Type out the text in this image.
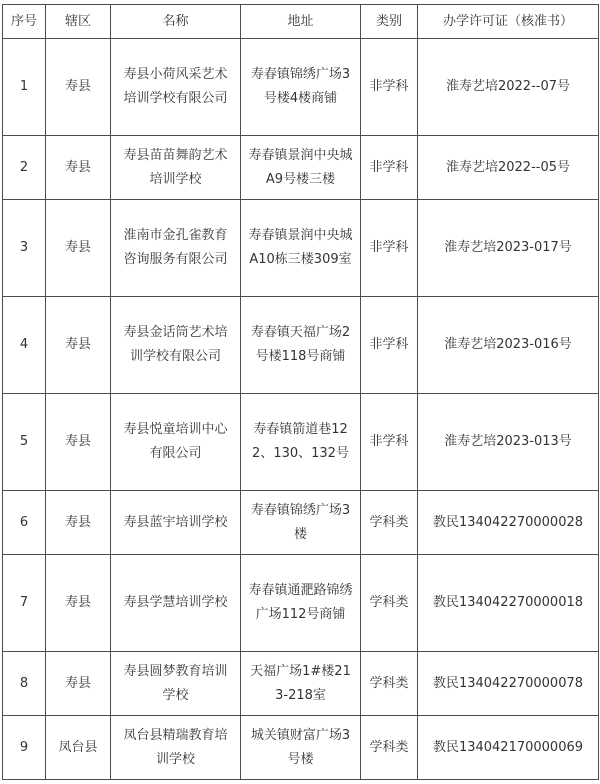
序号	辖区	名称	地址	类别	办学许可证（核准书）
1	寿县	寿县小荷风采艺术培训学校有限公司	寿春镇锦绣广场3号楼4楼商铺	非学科	淮寿艺培2022--07号

2	寿县	寿县苗苗舞韵艺术培训学校	寿春镇景润中央城A9号楼三楼	非学科	淮寿艺培2022--05号

3	寿县	淮南市金孔雀教育咨询服务有限公司	寿春镇景润中央城A10栋三楼309室	非学科	淮寿艺培2023-017号

4	寿县	寿县金话筒艺术培训学校有限公司	寿春镇天福广场2号楼118号商铺	非学科	淮寿艺培2023-016号

5	寿县	寿县悦童培训中心有限公司	寿春镇箭道巷122、130、132号	非学科	淮寿艺培2023-013号

6	寿县	寿县蓝宇培训学校	寿春镇锦绣广场3楼	学科类	教民134042270000028

7	寿县	寿县学慧培训学校	寿春镇通淝路锦绣广场112号商铺	学科类	教民134042270000018

8	寿县	寿县圆梦教育培训学校	天福广场1#楼213-218室	学科类	教民134042270000078

9	凤台县	凤台县精瑞教育培训学校	城关镇财富广场3号楼	学科类	教民134042170000069
